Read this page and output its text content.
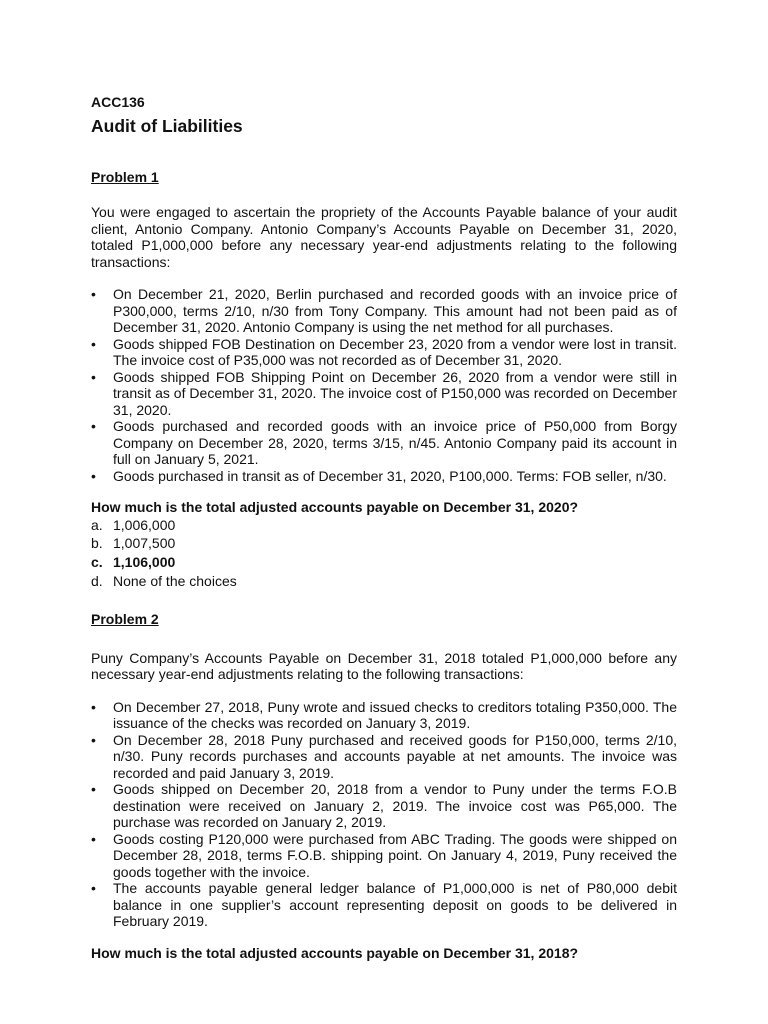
ACC136
Audit of Liabilities
Problem 1

You were engaged to ascertain the propriety of the Accounts Payable balance of your audit client, Antonio Company. Antonio Company’s Accounts Payable on December 31, 2020, totaled P1,000,000 before any necessary year-end adjustments relating to the following transactions:

•	On December 21, 2020, Berlin purchased and recorded goods with an invoice price of P300,000, terms 2/10, n/30 from Tony Company. This amount had not been paid as of December 31, 2020. Antonio Company is using the net method for all purchases.
•	Goods shipped FOB Destination on December 23, 2020 from a vendor were lost in transit. The invoice cost of P35,000 was not recorded as of December 31, 2020.
•	Goods shipped FOB Shipping Point on December 26, 2020 from a vendor were still in transit as of December 31, 2020. The invoice cost of P150,000 was recorded on December 31, 2020.
•	Goods purchased and recorded goods with an invoice price of P50,000 from Borgy Company on December 28, 2020, terms 3/15, n/45. Antonio Company paid its account in full on January 5, 2021.
•	Goods purchased in transit as of December 31, 2020, P100,000. Terms: FOB seller, n/30.
How much is the total adjusted accounts payable on December 31, 2020?
a. 1,006,000
b. 1,007,500
c. 1,106,000
d. None of the choices
Problem 2

Puny Company’s Accounts Payable on December 31, 2018 totaled P1,000,000 before any necessary year-end adjustments relating to the following transactions:

•	On December 27, 2018, Puny wrote and issued checks to creditors totaling P350,000. The issuance of the checks was recorded on January 3, 2019.
•	On December 28, 2018 Puny purchased and received goods for P150,000, terms 2/10, n/30. Puny records purchases and accounts payable at net amounts. The invoice was recorded and paid January 3, 2019.
•	Goods shipped on December 20, 2018 from a vendor to Puny under the terms F.O.B destination were received on January 2, 2019. The invoice cost was P65,000. The purchase was recorded on January 2, 2019.
•	Goods costing P120,000 were purchased from ABC Trading. The goods were shipped on December 28, 2018, terms F.O.B. shipping point. On January 4, 2019, Puny received the goods together with the invoice.
•	The accounts payable general ledger balance of P1,000,000 is net of P80,000 debit balance in one supplier’s account representing deposit on goods to be delivered in February 2019.
How much is the total adjusted accounts payable on December 31, 2018?
